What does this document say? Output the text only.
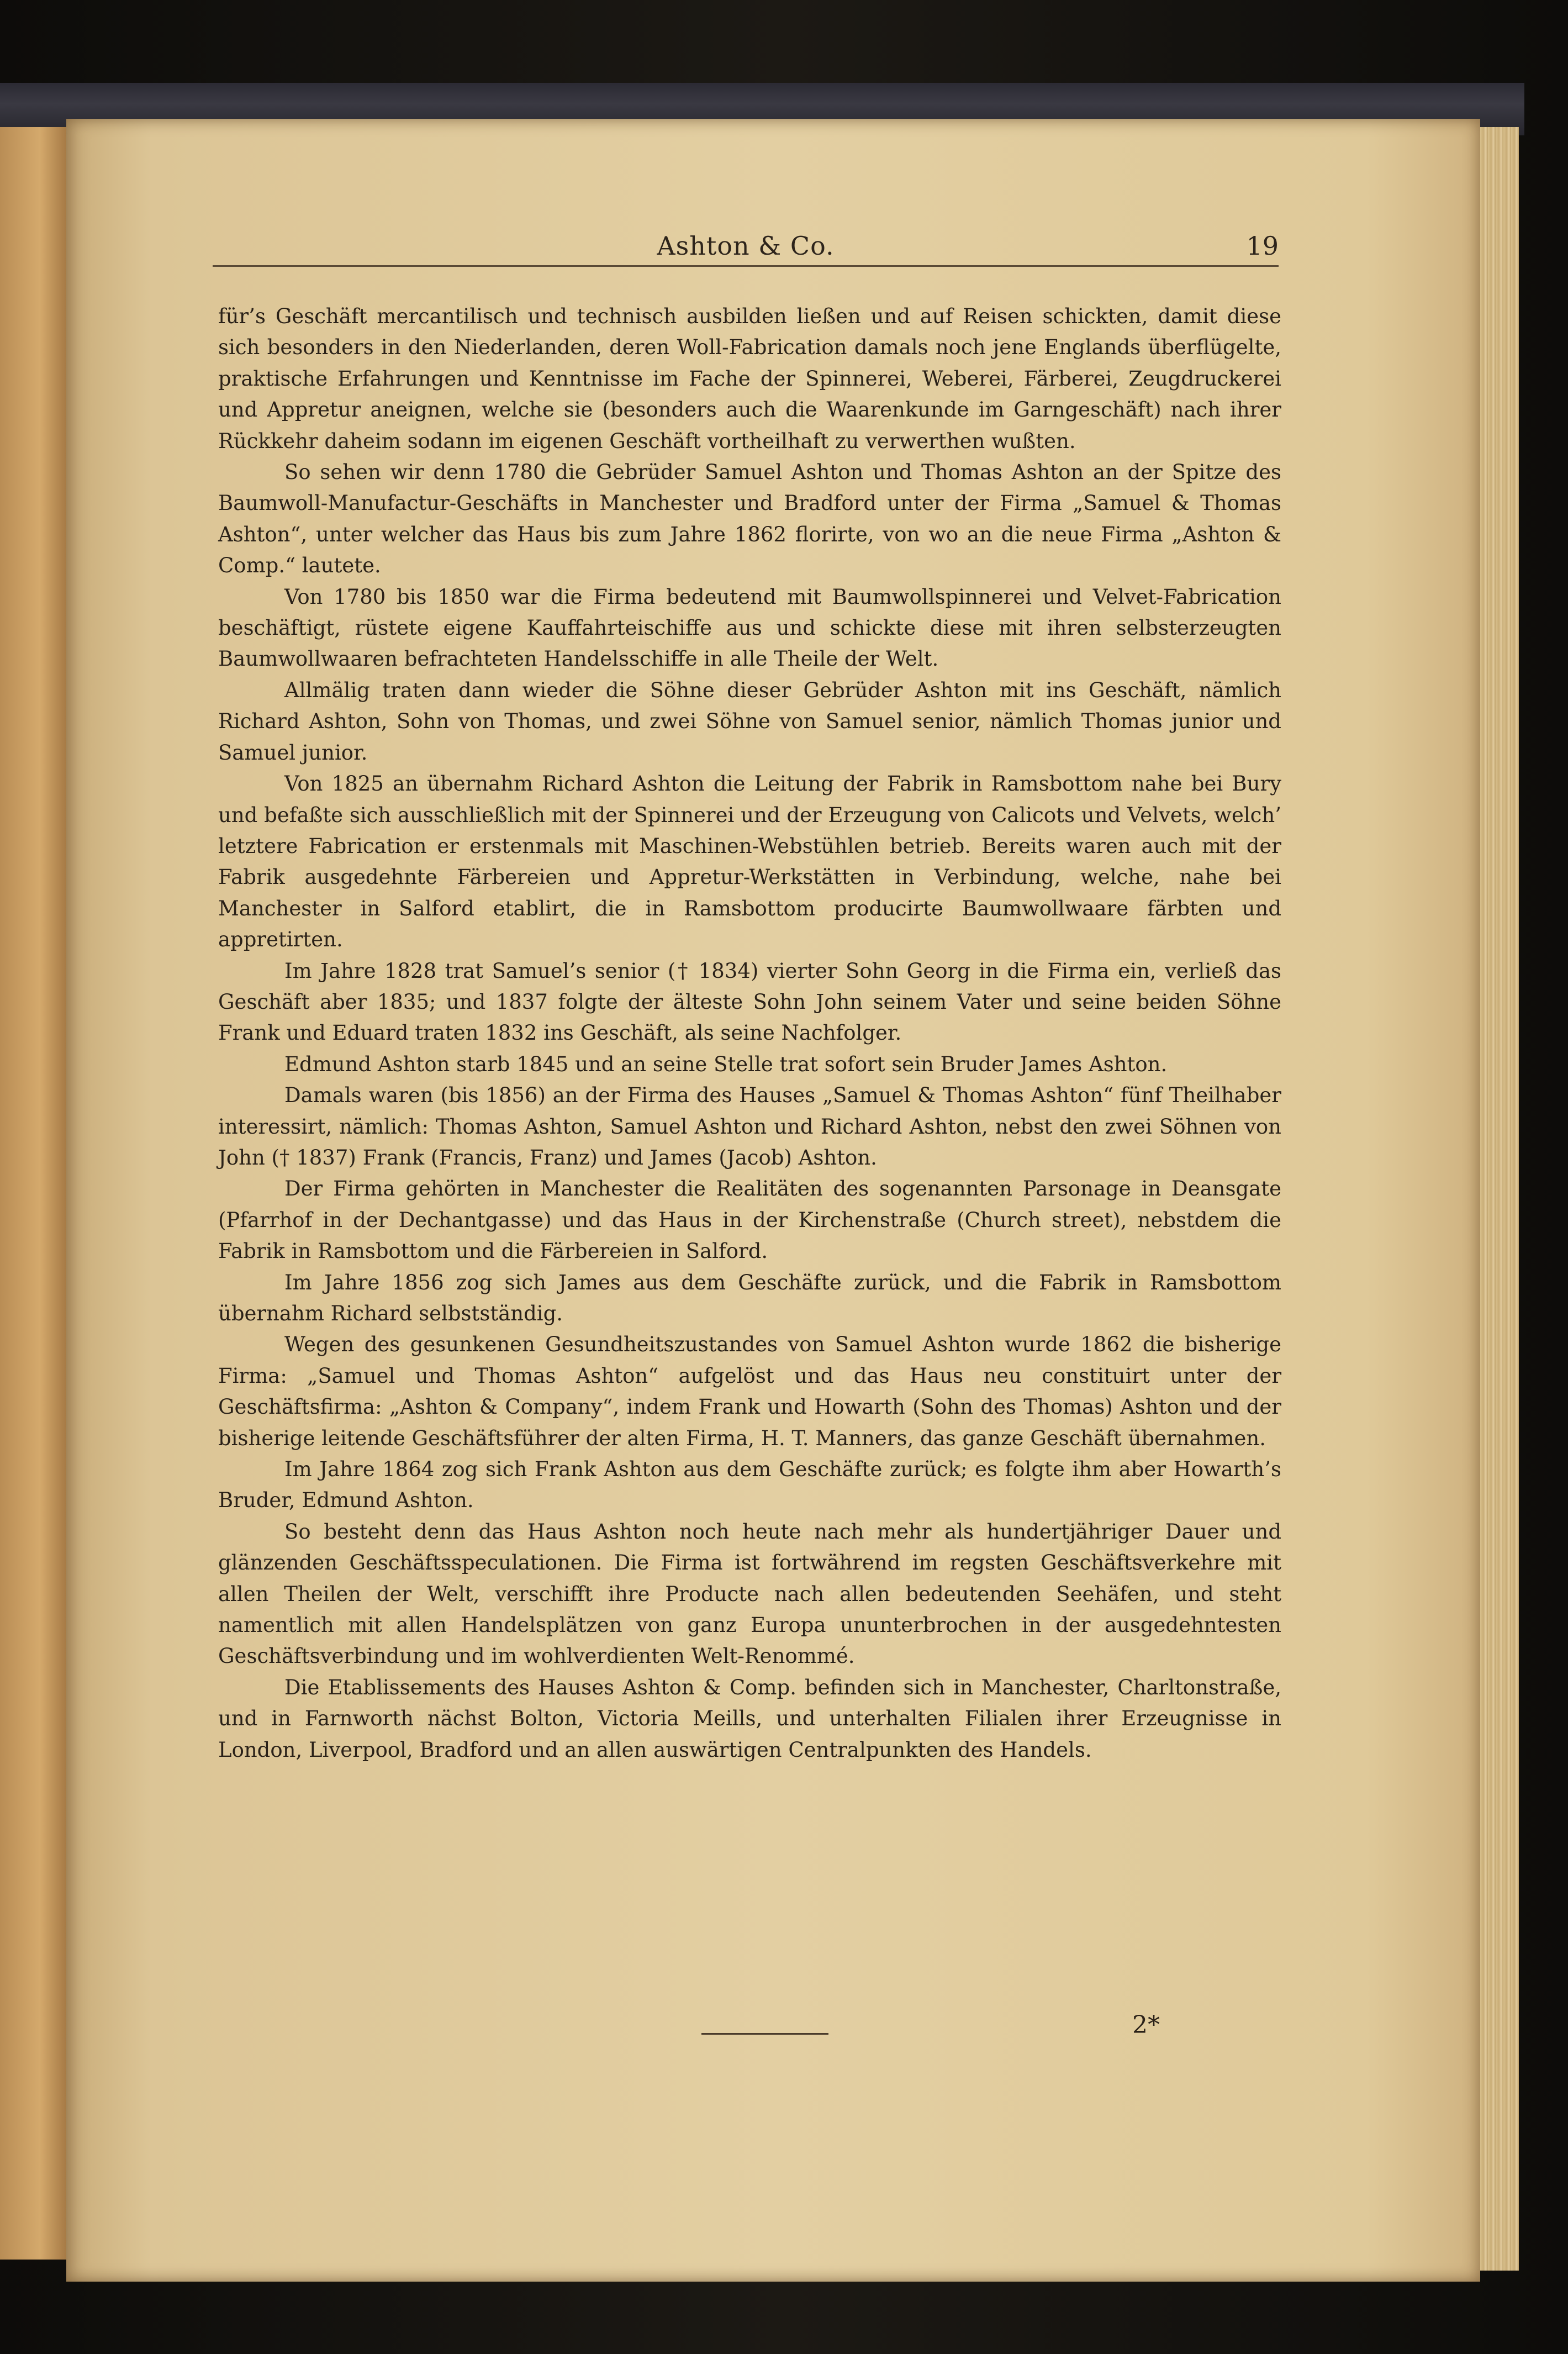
Ashton & Co.	19

für’s Geschäft mercantilisch und technisch ausbilden ließen und auf Reisen schickten, damit diese sich besonders in den Niederlanden, deren Woll-Fabrication damals noch jene Englands überflügelte, praktische Erfahrungen und Kenntnisse im Fache der Spinnerei, Weberei, Färberei, Zeugdruckerei und Appretur aneignen, welche sie (besonders auch die Waarenkunde im Garngeschäft) nach ihrer Rückkehr daheim sodann im eigenen Geschäft vortheilhaft zu verwerthen wußten.

So sehen wir denn 1780 die Gebrüder Samuel Ashton und Thomas Ashton an der Spitze des Baumwoll-Manufactur-Geschäfts in Manchester und Bradford unter der Firma „Samuel & Thomas Ashton“, unter welcher das Haus bis zum Jahre 1862 florirte, von wo an die neue Firma „Ashton & Comp.“ lautete.

Von 1780 bis 1850 war die Firma bedeutend mit Baumwollspinnerei und Velvet-Fabrication beschäftigt, rüstete eigene Kauffahrteischiffe aus und schickte diese mit ihren selbsterzeugten Baumwollwaaren befrachteten Handelsschiffe in alle Theile der Welt.

Allmälig traten dann wieder die Söhne dieser Gebrüder Ashton mit ins Geschäft, nämlich Richard Ashton, Sohn von Thomas, und zwei Söhne von Samuel senior, nämlich Thomas junior und Samuel junior.

Von 1825 an übernahm Richard Ashton die Leitung der Fabrik in Ramsbottom nahe bei Bury und befaßte sich ausschließlich mit der Spinnerei und der Erzeugung von Calicots und Velvets, welch’ letztere Fabrication er erstenmals mit Maschinen-Webstühlen betrieb. Bereits waren auch mit der Fabrik ausgedehnte Färbereien und Appretur-Werkstätten in Verbindung, welche, nahe bei Manchester in Salford etablirt, die in Ramsbottom producirte Baumwollwaare färbten und appretirten.

Im Jahre 1828 trat Samuel’s senior († 1834) vierter Sohn Georg in die Firma ein, verließ das Geschäft aber 1835; und 1837 folgte der älteste Sohn John seinem Vater und seine beiden Söhne Frank und Eduard traten 1832 ins Geschäft, als seine Nachfolger.

Edmund Ashton starb 1845 und an seine Stelle trat sofort sein Bruder James Ashton.

Damals waren (bis 1856) an der Firma des Hauses „Samuel & Thomas Ashton“ fünf Theilhaber interessirt, nämlich: Thomas Ashton, Samuel Ashton und Richard Ashton, nebst den zwei Söhnen von John († 1837) Frank (Francis, Franz) und James (Jacob) Ashton.

Der Firma gehörten in Manchester die Realitäten des sogenannten Parsonage in Deansgate (Pfarrhof in der Dechantgasse) und das Haus in der Kirchenstraße (Church street), nebstdem die Fabrik in Ramsbottom und die Färbereien in Salford.

Im Jahre 1856 zog sich James aus dem Geschäfte zurück, und die Fabrik in Ramsbottom übernahm Richard selbstständig.

Wegen des gesunkenen Gesundheitszustandes von Samuel Ashton wurde 1862 die bisherige Firma: „Samuel und Thomas Ashton“ aufgelöst und das Haus neu constituirt unter der Geschäftsfirma: „Ashton & Company“, indem Frank und Howarth (Sohn des Thomas) Ashton und der bisherige leitende Geschäftsführer der alten Firma, H. T. Manners, das ganze Geschäft übernahmen.

Im Jahre 1864 zog sich Frank Ashton aus dem Geschäfte zurück; es folgte ihm aber Howarth’s Bruder, Edmund Ashton.

So besteht denn das Haus Ashton noch heute nach mehr als hundertjähriger Dauer und glänzenden Geschäftsspeculationen. Die Firma ist fortwährend im regsten Geschäftsverkehre mit allen Theilen der Welt, verschifft ihre Producte nach allen bedeutenden Seehäfen, und steht namentlich mit allen Handelsplätzen von ganz Europa ununterbrochen in der ausgedehntesten Geschäftsverbindung und im wohlverdienten Welt-Renommé.

Die Etablissements des Hauses Ashton & Comp. befinden sich in Manchester, Charltonstraße, und in Farnworth nächst Bolton, Victoria Meills, und unterhalten Filialen ihrer Erzeugnisse in London, Liverpool, Bradford und an allen auswärtigen Centralpunkten des Handels.

2*
